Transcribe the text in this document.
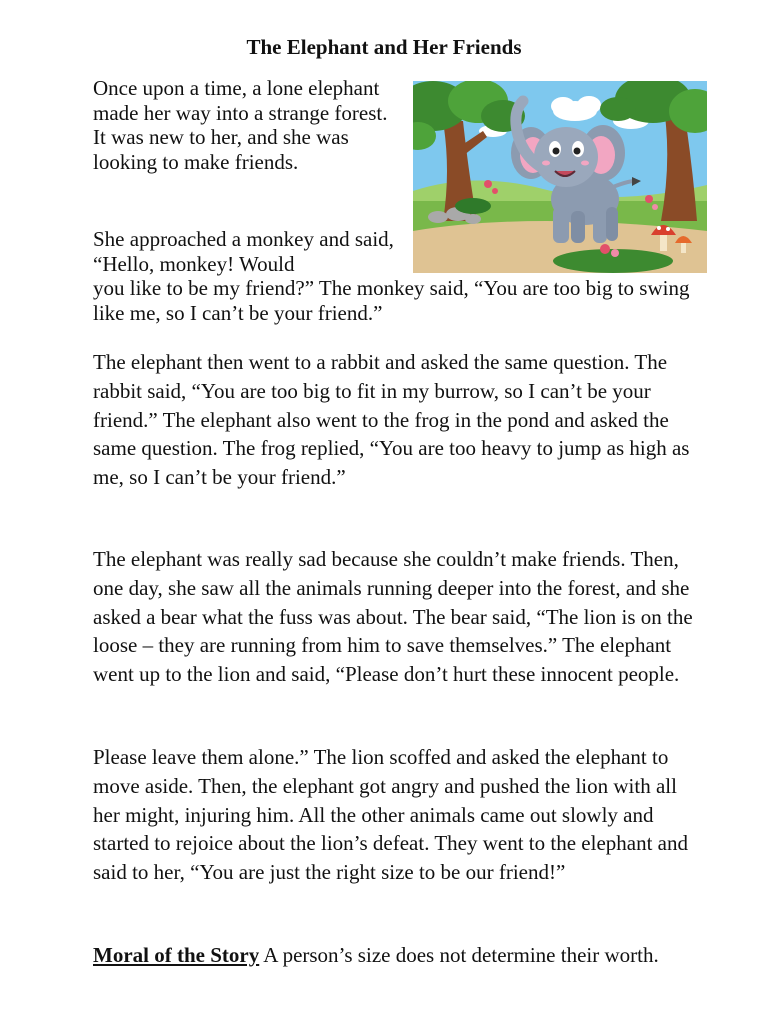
The Elephant and Her Friends

Once upon a time, a lone elephant made her way into a strange forest. It was new to her, and she was looking to make friends.

She approached a monkey and said, “Hello, monkey! Would

you like to be my friend?” The monkey said, “You are too big to swing like me, so I can’t be your friend.”

The elephant then went to a rabbit and asked the same question. The rabbit said, “You are too big to fit in my burrow, so I can’t be your friend.” The elephant also went to the frog in the pond and asked the same question. The frog replied, “You are too heavy to jump as high as me, so I can’t be your friend.”

The elephant was really sad because she couldn’t make friends. Then, one day, she saw all the animals running deeper into the forest, and she asked a bear what the fuss was about. The bear said, “The lion is on the loose – they are running from him to save themselves.” The elephant went up to the lion and said, “Please don’t hurt these innocent people.

Please leave them alone.” The lion scoffed and asked the elephant to move aside. Then, the elephant got angry and pushed the lion with all her might, injuring him. All the other animals came out slowly and started to rejoice about the lion’s defeat. They went to the elephant and said to her, “You are just the right size to be our friend!”

Moral of the Story A person’s size does not determine their worth.
